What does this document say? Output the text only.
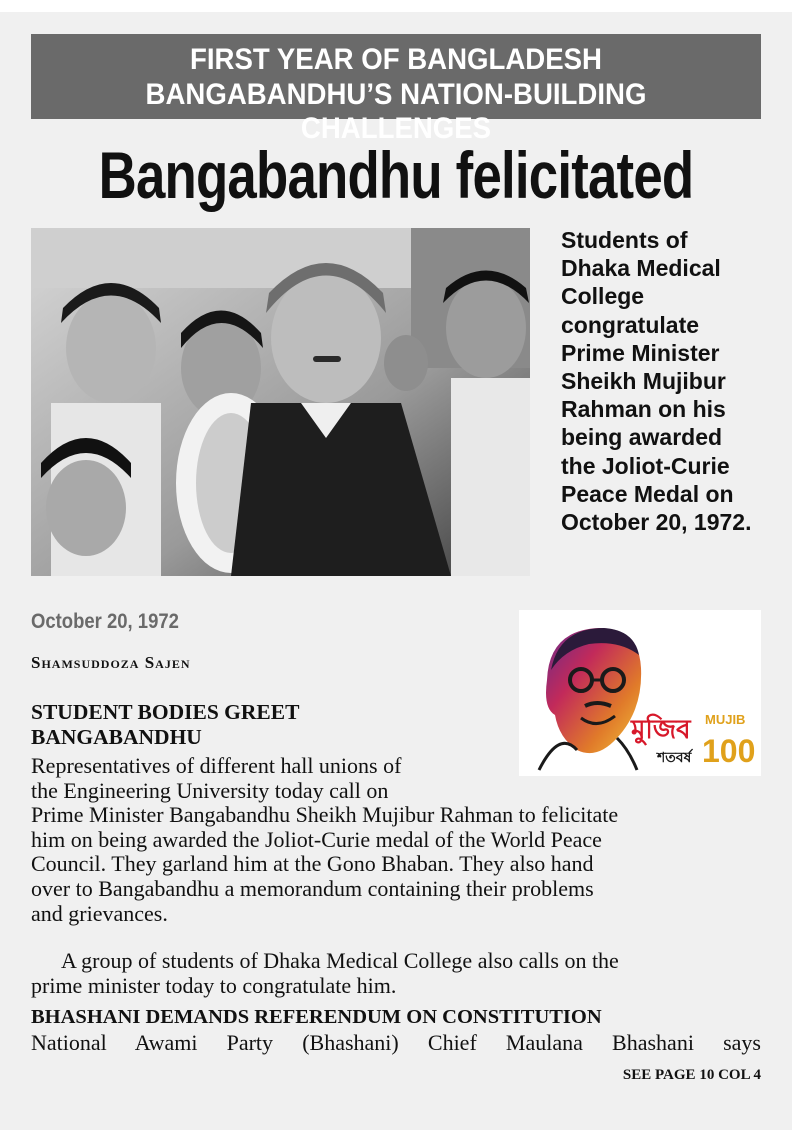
FIRST YEAR OF BANGLADESH
BANGABANDHU’S NATION-BUILDING CHALLENGES
Bangabandhu felicitated
Students of
Dhaka Medical
College
congratulate
Prime Minister
Sheikh Mujibur
Rahman on his
being awarded
the Joliot-Curie
Peace Medal on
October 20, 1972.
October 20, 1972
Shamsuddoza Sajen
মুজিব
শতবর্ষ
MUJIB
100
STUDENT BODIES GREET
BANGABANDHU
Representatives of different hall unions of
the Engineering University today call on
Prime Minister Bangabandhu Sheikh Mujibur Rahman to felicitate
him on being awarded the Joliot-Curie medal of the World Peace
Council. They garland him at the Gono Bhaban. They also hand
over to Bangabandhu a memorandum containing their problems
and grievances.
A group of students of Dhaka Medical College also calls on the
prime minister today to congratulate him.
BHASHANI DEMANDS REFERENDUM ON CONSTITUTION
National Awami Party (Bhashani) Chief Maulana Bhashani says
SEE PAGE 10 COL 4
